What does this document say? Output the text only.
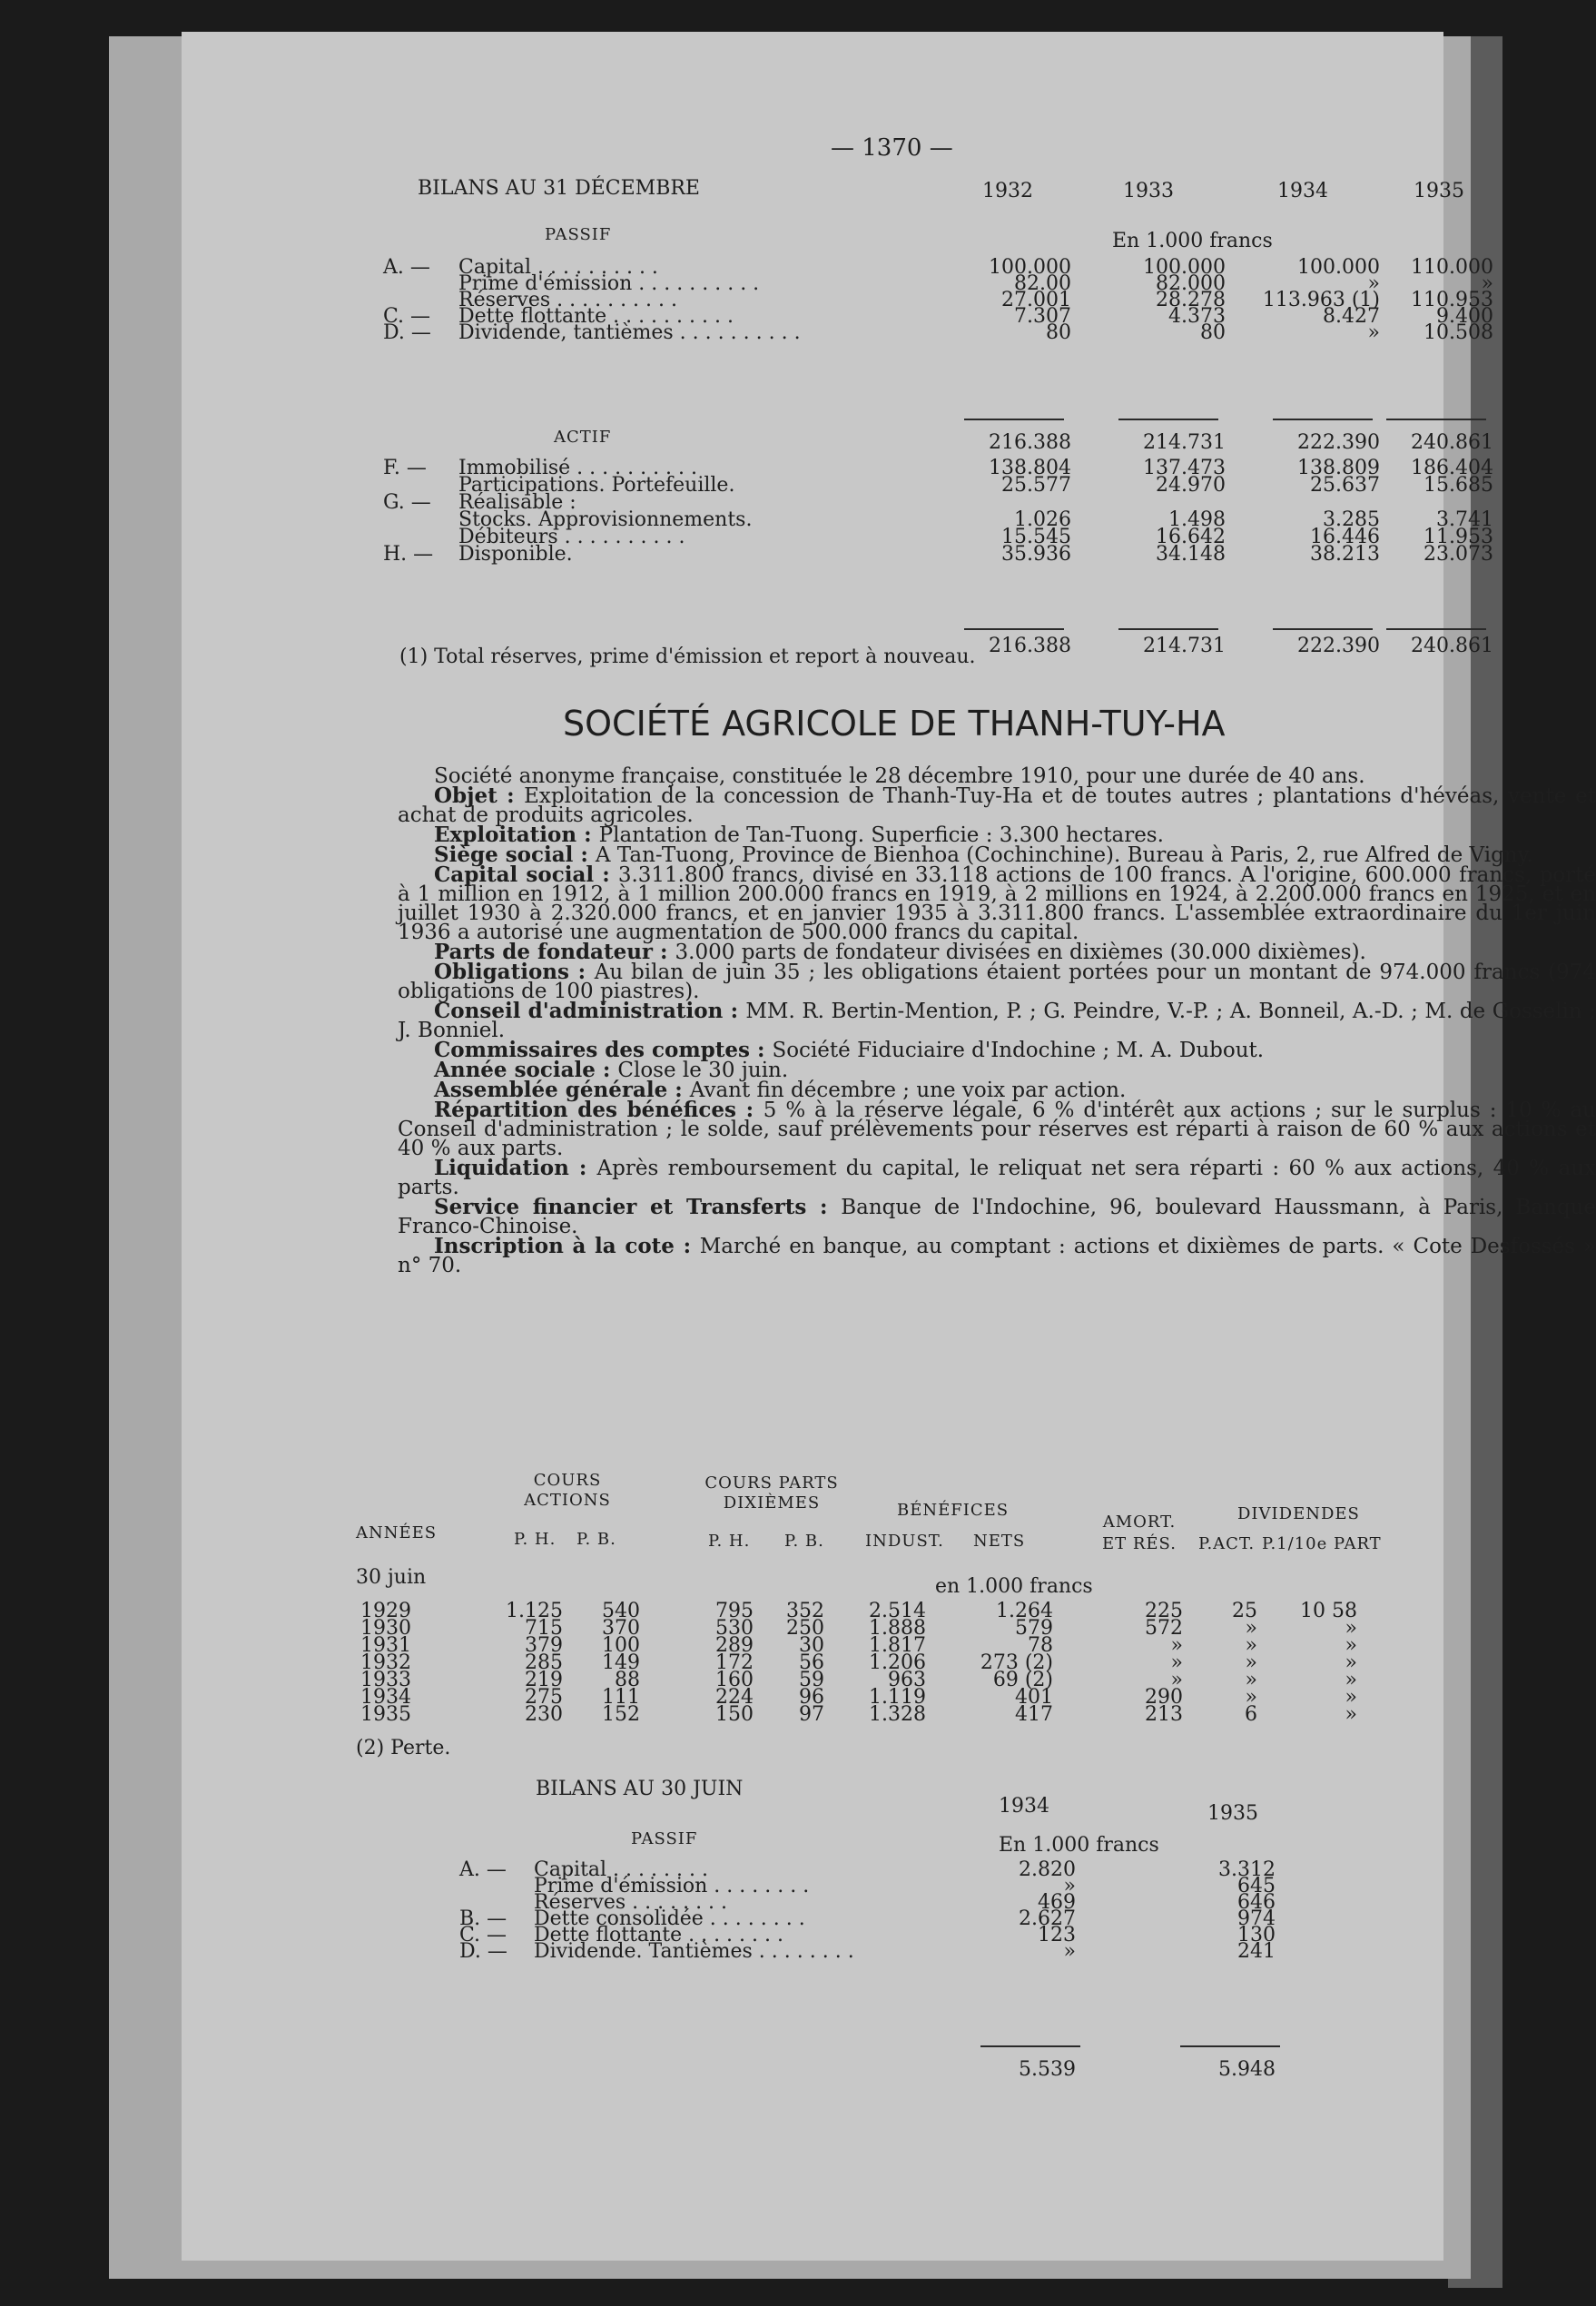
— 1370 —
BILANS AU 31 DÉCEMBRE	1932	1933	1934	1935
PASSIF	En 1.000 francs
ACTIF
(1) Total réserves, prime d'émission et report à nouveau.
SOCIÉTÉ AGRICOLE DE THANH-TUY-HA

Société anonyme française, constituée le 28 décembre 1910, pour une durée de 40 ans.

Objet : Exploitation de la concession de Thanh-Tuy-Ha et de toutes autres ; plantations d'hévéas, vente et achat de produits agricoles.

Exploitation : Plantation de Tan-Tuong. Superficie : 3.300 hectares.

Siège social : A Tan-Tuong, Province de Bienhoa (Cochinchine). Bureau à Paris, 2, rue Alfred de Vigny.

Capital social : 3.311.800 francs, divisé en 33.118 actions de 100 francs. A l'origine, 600.000 francs, porté à 1 million en 1912, à 1 million 200.000 francs en 1919, à 2 millions en 1924, à 2.200.000 francs en 1925, et en juillet 1930 à 2.320.000 francs, et en janvier 1935 à 3.311.800 francs. L'assemblée extraordinaire du 1er juin 1936 a autorisé une augmentation de 500.000 francs du capital.

Parts de fondateur : 3.000 parts de fondateur divisées en dixièmes (30.000 dixièmes).

Obligations : Au bilan de juin 35 ; les obligations étaient portées pour un montant de 974.000 francs (974 obligations de 100 piastres).

Conseil d'administration : MM. R. Bertin-Mention, P. ; G. Peindre, V.-P. ; A. Bonneil, A.-D. ; M. de Gosselin ; J. Bonniel.

Commissaires des comptes : Société Fiduciaire d'Indochine ; M. A. Dubout.

Année sociale : Close le 30 juin.

Assemblée générale : Avant fin décembre ; une voix par action.

Répartition des bénéfices : 5 % à la réserve légale, 6 % d'intérêt aux actions ; sur le surplus : 10 % au Conseil d'administration ; le solde, sauf prélèvements pour réserves est réparti à raison de 60 % aux actions et 40 % aux parts.

Liquidation : Après remboursement du capital, le reliquat net sera réparti : 60 % aux actions, 40 % aux parts.

Service financier et Transferts : Banque de l'Indochine, 96, boulevard Haussmann, à Paris, Banque Franco-Chinoise.

Inscription à la cote : Marché en banque, au comptant : actions et dixièmes de parts. « Cote Desfossés » n° 70.

BILANS AU 30 JUIN
1934	1935
PASSIF	En 1.000 francs
A. — Capital . . . . . . . . . .	100.000	100.000	100.000	110.000
Prime d'émission . . . . . . . . . .	82.00	82.000	»	»
Réserves . . . . . . . . . .	27.001	28.278	113.963 (1)	110.953
C. — Dette flottante . . . . . . . . . .	7.307	4.373	8.427	9.400
D. — Dividende, tantièmes . . . . . . . . . .	80	80	»	10.508
216.388	214.731	222.390	240.861
F. — Immobilisé . . . . . . . . . .	138.804	137.473	138.809	186.404
Participations. Portefeuille.	25.577	24.970	25.637	15.685
G. — Réalisable :
Stocks. Approvisionnements.	1.026	1.498	3.285	3.741
Débiteurs . . . . . . . . . .	15.545	16.642	16.446	11.953
H. — Disponible.	35.936	34.148	38.213	23.073
216.388	214.731	222.390	240.861
COURS ACTIONS
COURS PARTS DIXIÈMES	BÉNÉFICES
AMORT. ET RÉS.
DIVIDENDES
ANNÉES	P. H. P. B.	P. H. P. B.	INDUST. NETS	P.ACT. P.1/10e PART
30 juin	en 1.000 francs
1929	1.125	540	795	352	2.514	1.264	225	25	10 58
1930	715	370	530	250	1.888	579	572	»	»
1931	379	100	289	30	1.817	78	»	»	»
1932	285	149	172	56	1.206	273 (2)	»	»	»
1933	219	88	160	59	963	69 (2)	»	»	»
1934	275	111	224	96	1.119	401	290	»	»
1935	230	152	150	97	1.328	417	213	6	»
(2) Perte.
A. — Capital . . . . . . . .	2.820	3.312
Prime d'émission . . . . . . . .	»	645
Réserves . . . . . . . .	469	646
B. — Dette consolidée . . . . . . . .	2.627	974
C. — Dette flottante . . . . . . . .	123	130
D. — Dividende. Tantièmes . . . . . . . .	»	241
5.539	5.948
